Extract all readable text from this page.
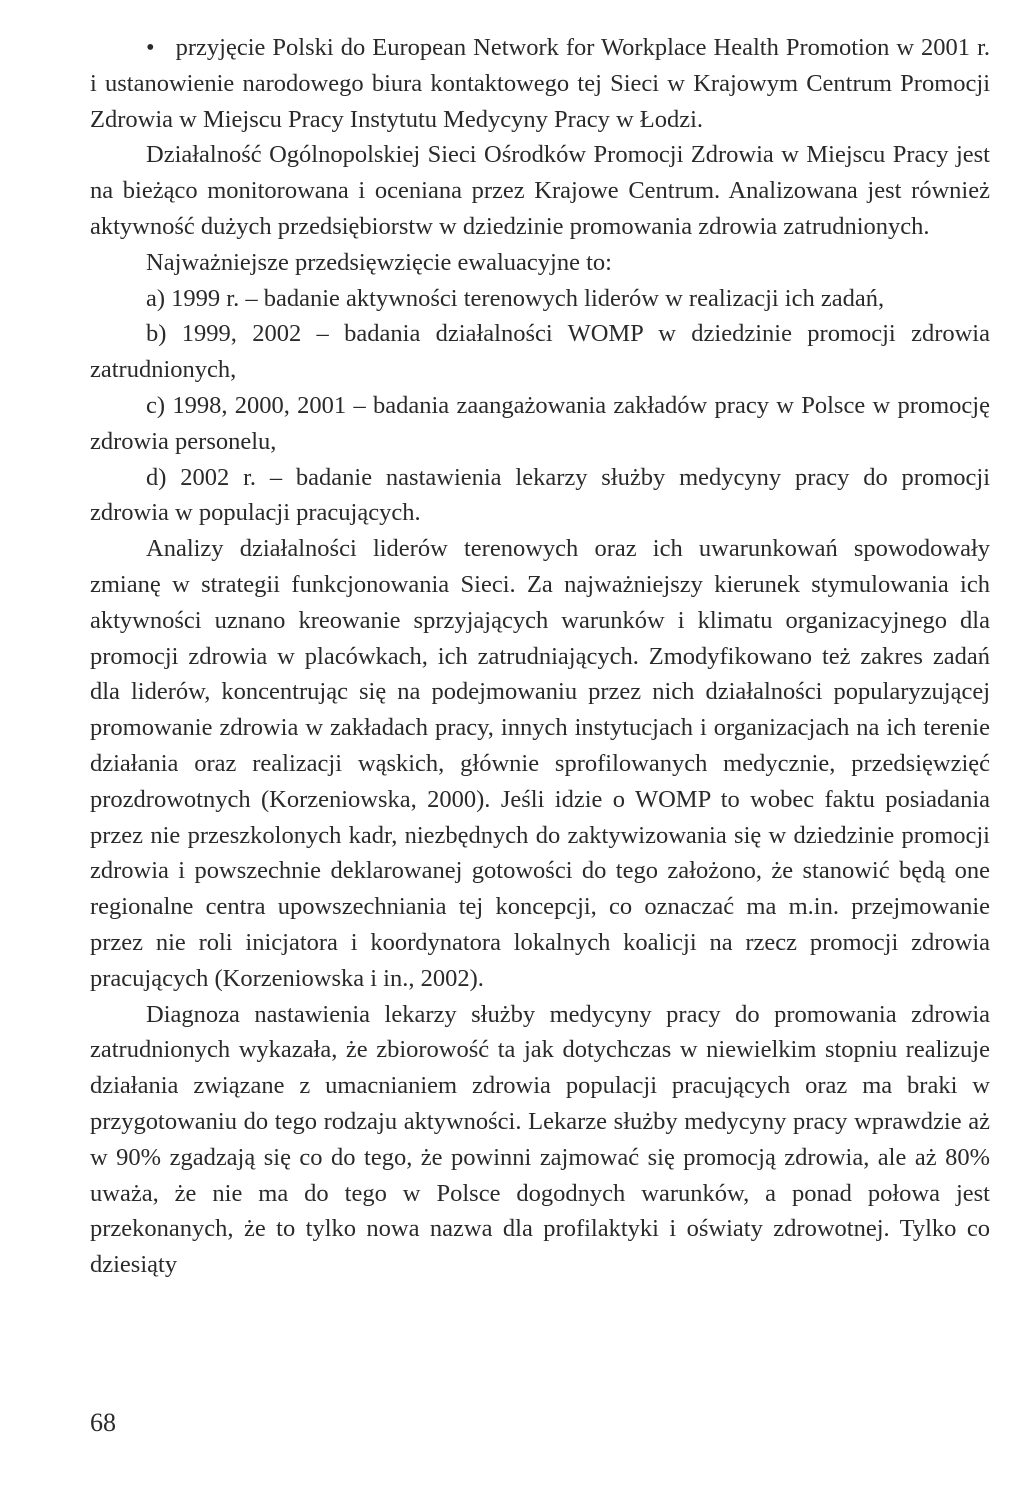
• przyjęcie Polski do European Network for Workplace Health Promotion w 2001 r. i ustanowienie narodowego biura kontaktowego tej Sieci w Krajowym Centrum Promocji Zdrowia w Miejscu Pracy Instytutu Medycyny Pracy w Łodzi.

Działalność Ogólnopolskiej Sieci Ośrodków Promocji Zdrowia w Miejscu Pracy jest na bieżąco monitorowana i oceniana przez Krajowe Centrum. Analizowana jest również aktywność dużych przedsiębiorstw w dziedzinie promowania zdrowia zatrudnionych.

Najważniejsze przedsięwzięcie ewaluacyjne to:

a) 1999 r. – badanie aktywności terenowych liderów w realizacji ich zadań,

b) 1999, 2002 – badania działalności WOMP w dziedzinie promocji zdrowia zatrudnionych,

c) 1998, 2000, 2001 – badania zaangażowania zakładów pracy w Polsce w promocję zdrowia personelu,

d) 2002 r. – badanie nastawienia lekarzy służby medycyny pracy do promocji zdrowia w populacji pracujących.

Analizy działalności liderów terenowych oraz ich uwarunkowań spowodowały zmianę w strategii funkcjonowania Sieci. Za najważniejszy kierunek stymulowania ich aktywności uznano kreowanie sprzyjających warunków i klimatu organizacyjnego dla promocji zdrowia w placówkach, ich zatrudniających. Zmodyfikowano też zakres zadań dla liderów, koncentrując się na podejmowaniu przez nich działalności popularyzującej promowanie zdrowia w zakładach pracy, innych instytucjach i organizacjach na ich terenie działania oraz realizacji wąskich, głównie sprofilowanych medycznie, przedsięwzięć prozdrowotnych (Korzeniowska, 2000). Jeśli idzie o WOMP to wobec faktu posiadania przez nie przeszkolonych kadr, niezbędnych do zaktywizowania się w dziedzinie promocji zdrowia i powszechnie deklarowanej gotowości do tego założono, że stanowić będą one regionalne centra upowszechniania tej koncepcji, co oznaczać ma m.in. przejmowanie przez nie roli inicjatora i koordynatora lokalnych koalicji na rzecz promocji zdrowia pracujących (Korzeniowska i in., 2002).

Diagnoza nastawienia lekarzy służby medycyny pracy do promowania zdrowia zatrudnionych wykazała, że zbiorowość ta jak dotychczas w niewielkim stopniu realizuje działania związane z umacnianiem zdrowia populacji pracujących oraz ma braki w przygotowaniu do tego rodzaju aktywności. Lekarze służby medycyny pracy wprawdzie aż w 90% zgadzają się co do tego, że powinni zajmować się promocją zdrowia, ale aż 80% uważa, że nie ma do tego w Polsce dogodnych warunków, a ponad połowa jest przekonanych, że to tylko nowa nazwa dla profilaktyki i oświaty zdrowotnej. Tylko co dziesiąty

68
